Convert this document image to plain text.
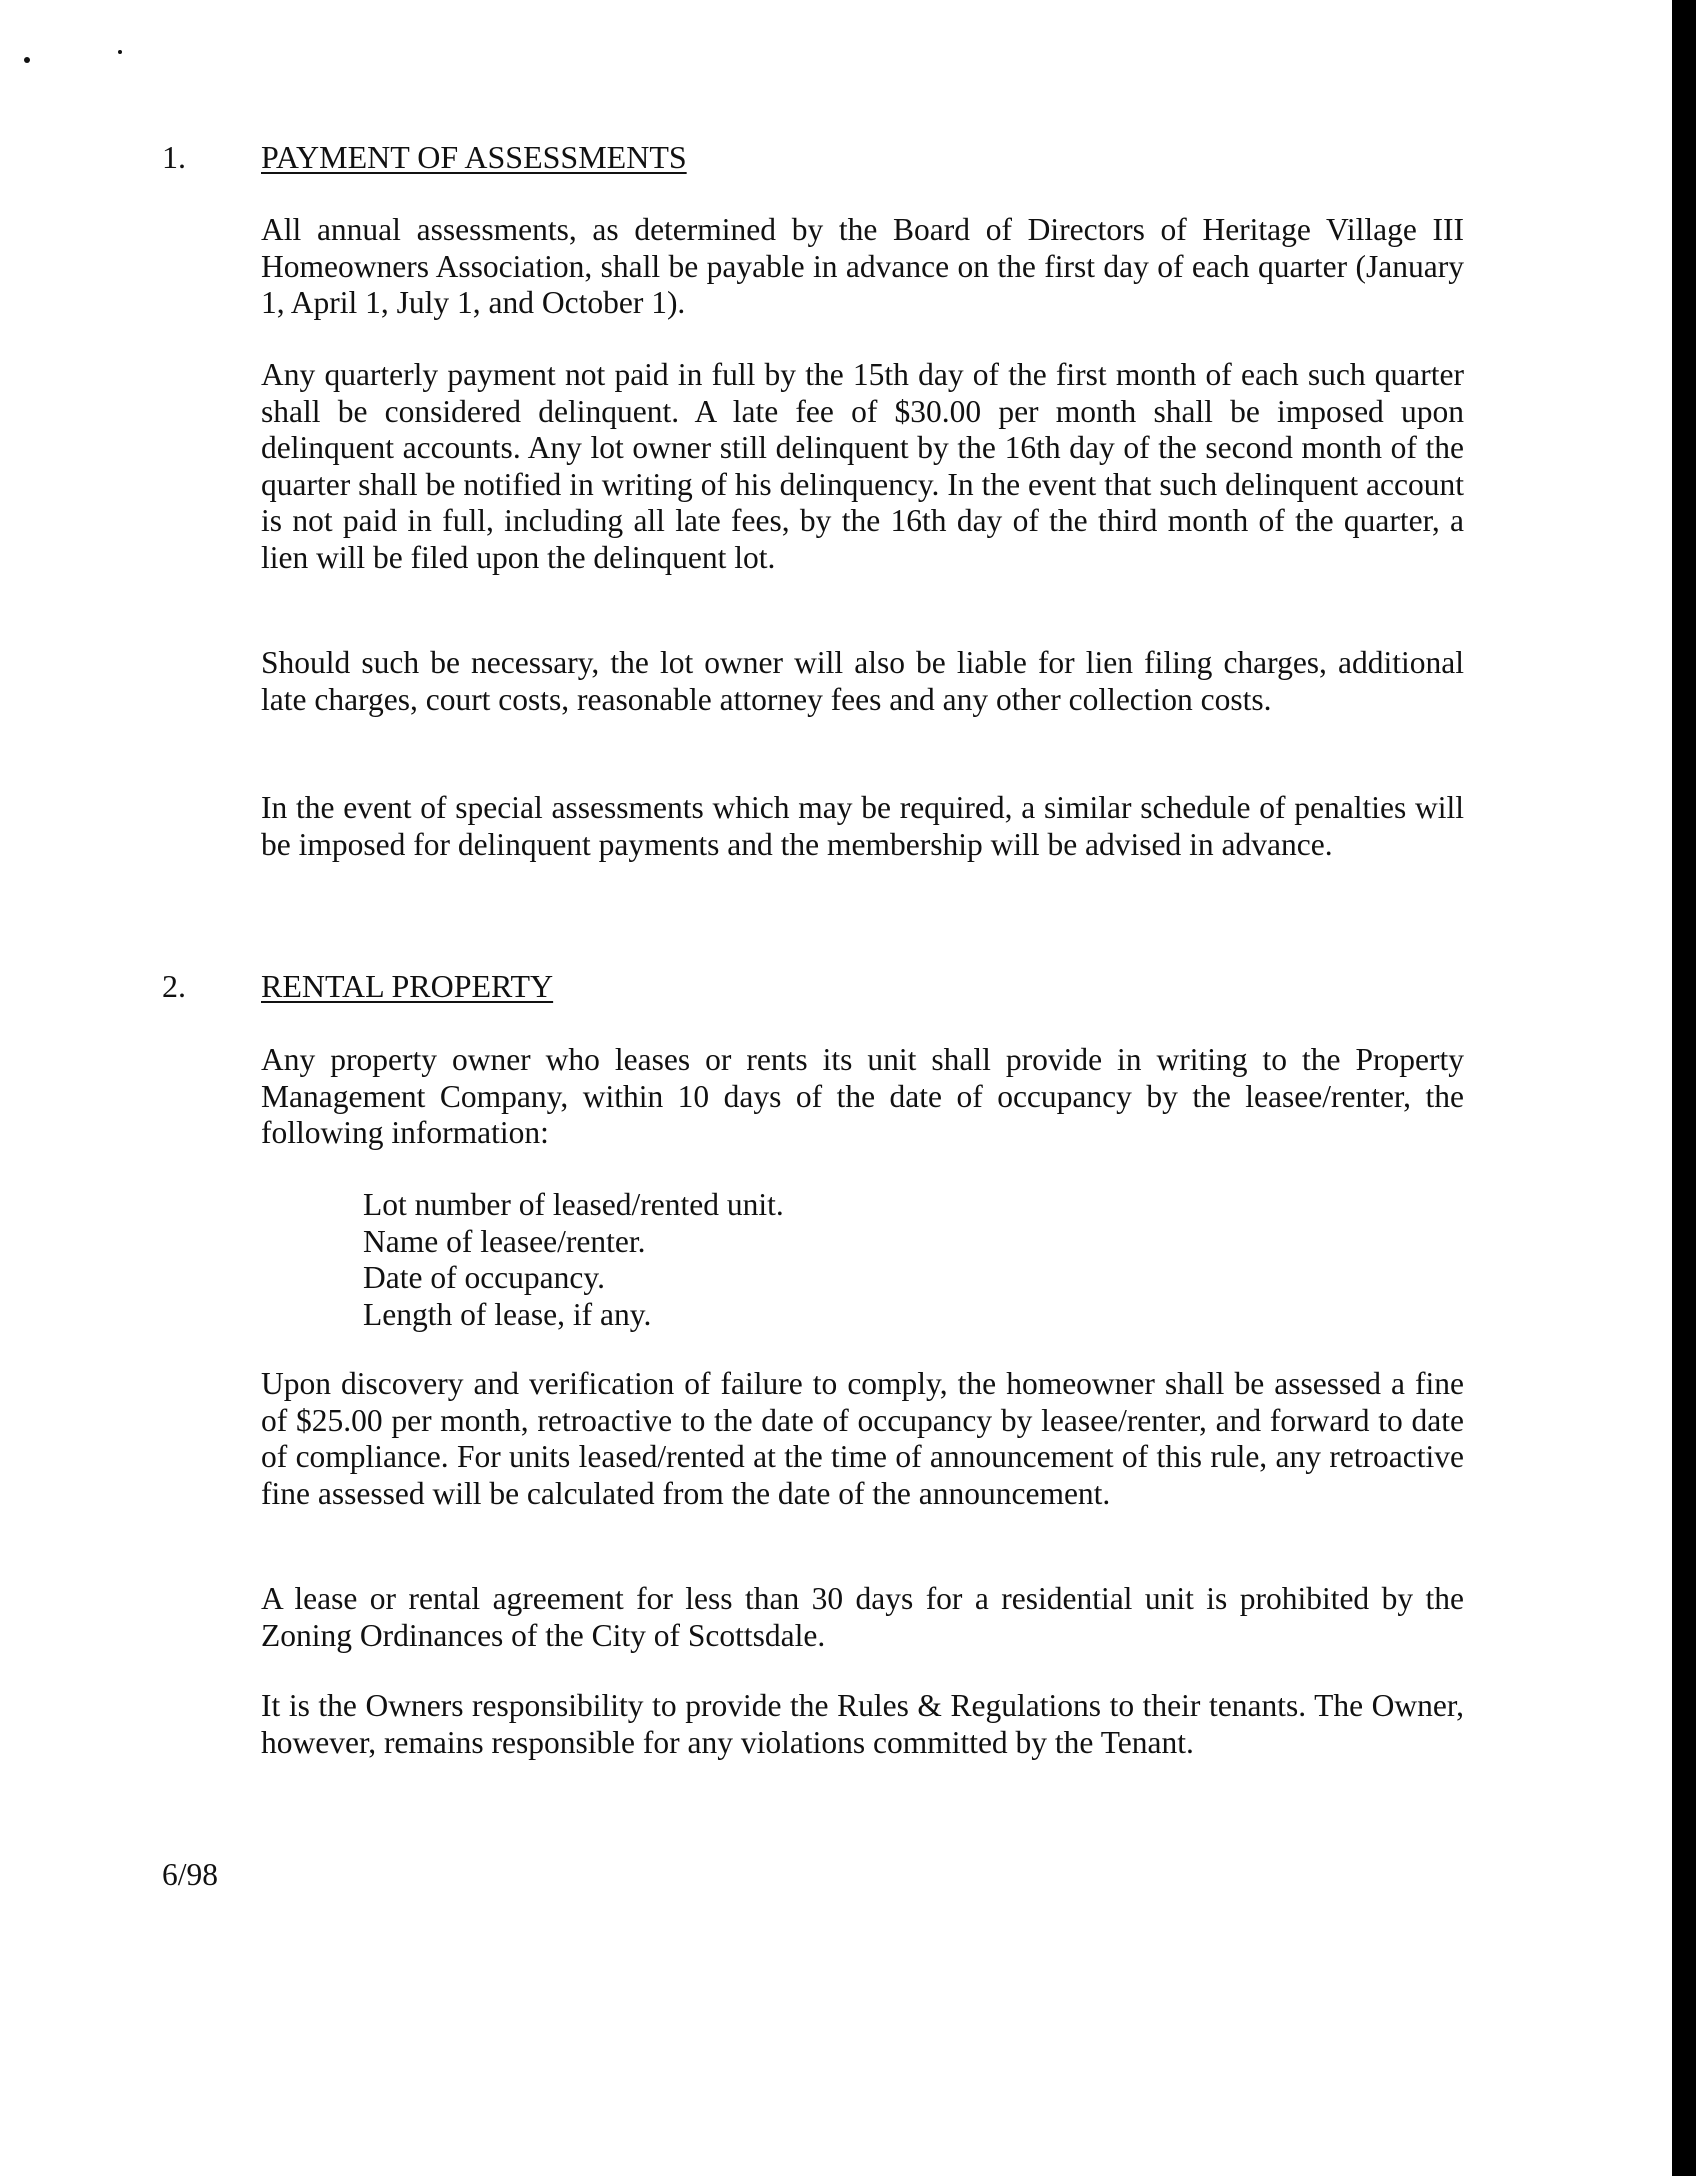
1. PAYMENT OF ASSESSMENTS

All annual assessments, as determined by the Board of Directors of Heritage Village III Homeowners Association, shall be payable in advance on the first day of each quarter (January 1, April 1, July 1, and October 1).

Any quarterly payment not paid in full by the 15th day of the first month of each such quarter shall be considered delinquent. A late fee of $30.00 per month shall be imposed upon delinquent accounts. Any lot owner still delinquent by the 16th day of the second month of the quarter shall be notified in writing of his delinquency. In the event that such delinquent account is not paid in full, including all late fees, by the 16th day of the third month of the quarter, a lien will be filed upon the delinquent lot.

Should such be necessary, the lot owner will also be liable for lien filing charges, additional late charges, court costs, reasonable attorney fees and any other collection costs.

In the event of special assessments which may be required, a similar schedule of penalties will be imposed for delinquent payments and the membership will be advised in advance.

2. RENTAL PROPERTY

Any property owner who leases or rents its unit shall provide in writing to the Property Management Company, within 10 days of the date of occupancy by the leasee/renter, the following information:

Lot number of leased/rented unit.
Name of leasee/renter.
Date of occupancy.
Length of lease, if any.

Upon discovery and verification of failure to comply, the homeowner shall be assessed a fine of $25.00 per month, retroactive to the date of occupancy by leasee/renter, and forward to date of compliance. For units leased/rented at the time of announcement of this rule, any retroactive fine assessed will be calculated from the date of the announcement.

A lease or rental agreement for less than 30 days for a residential unit is prohibited by the Zoning Ordinances of the City of Scottsdale.

It is the Owners responsibility to provide the Rules & Regulations to their tenants. The Owner, however, remains responsible for any violations committed by the Tenant.

6/98
